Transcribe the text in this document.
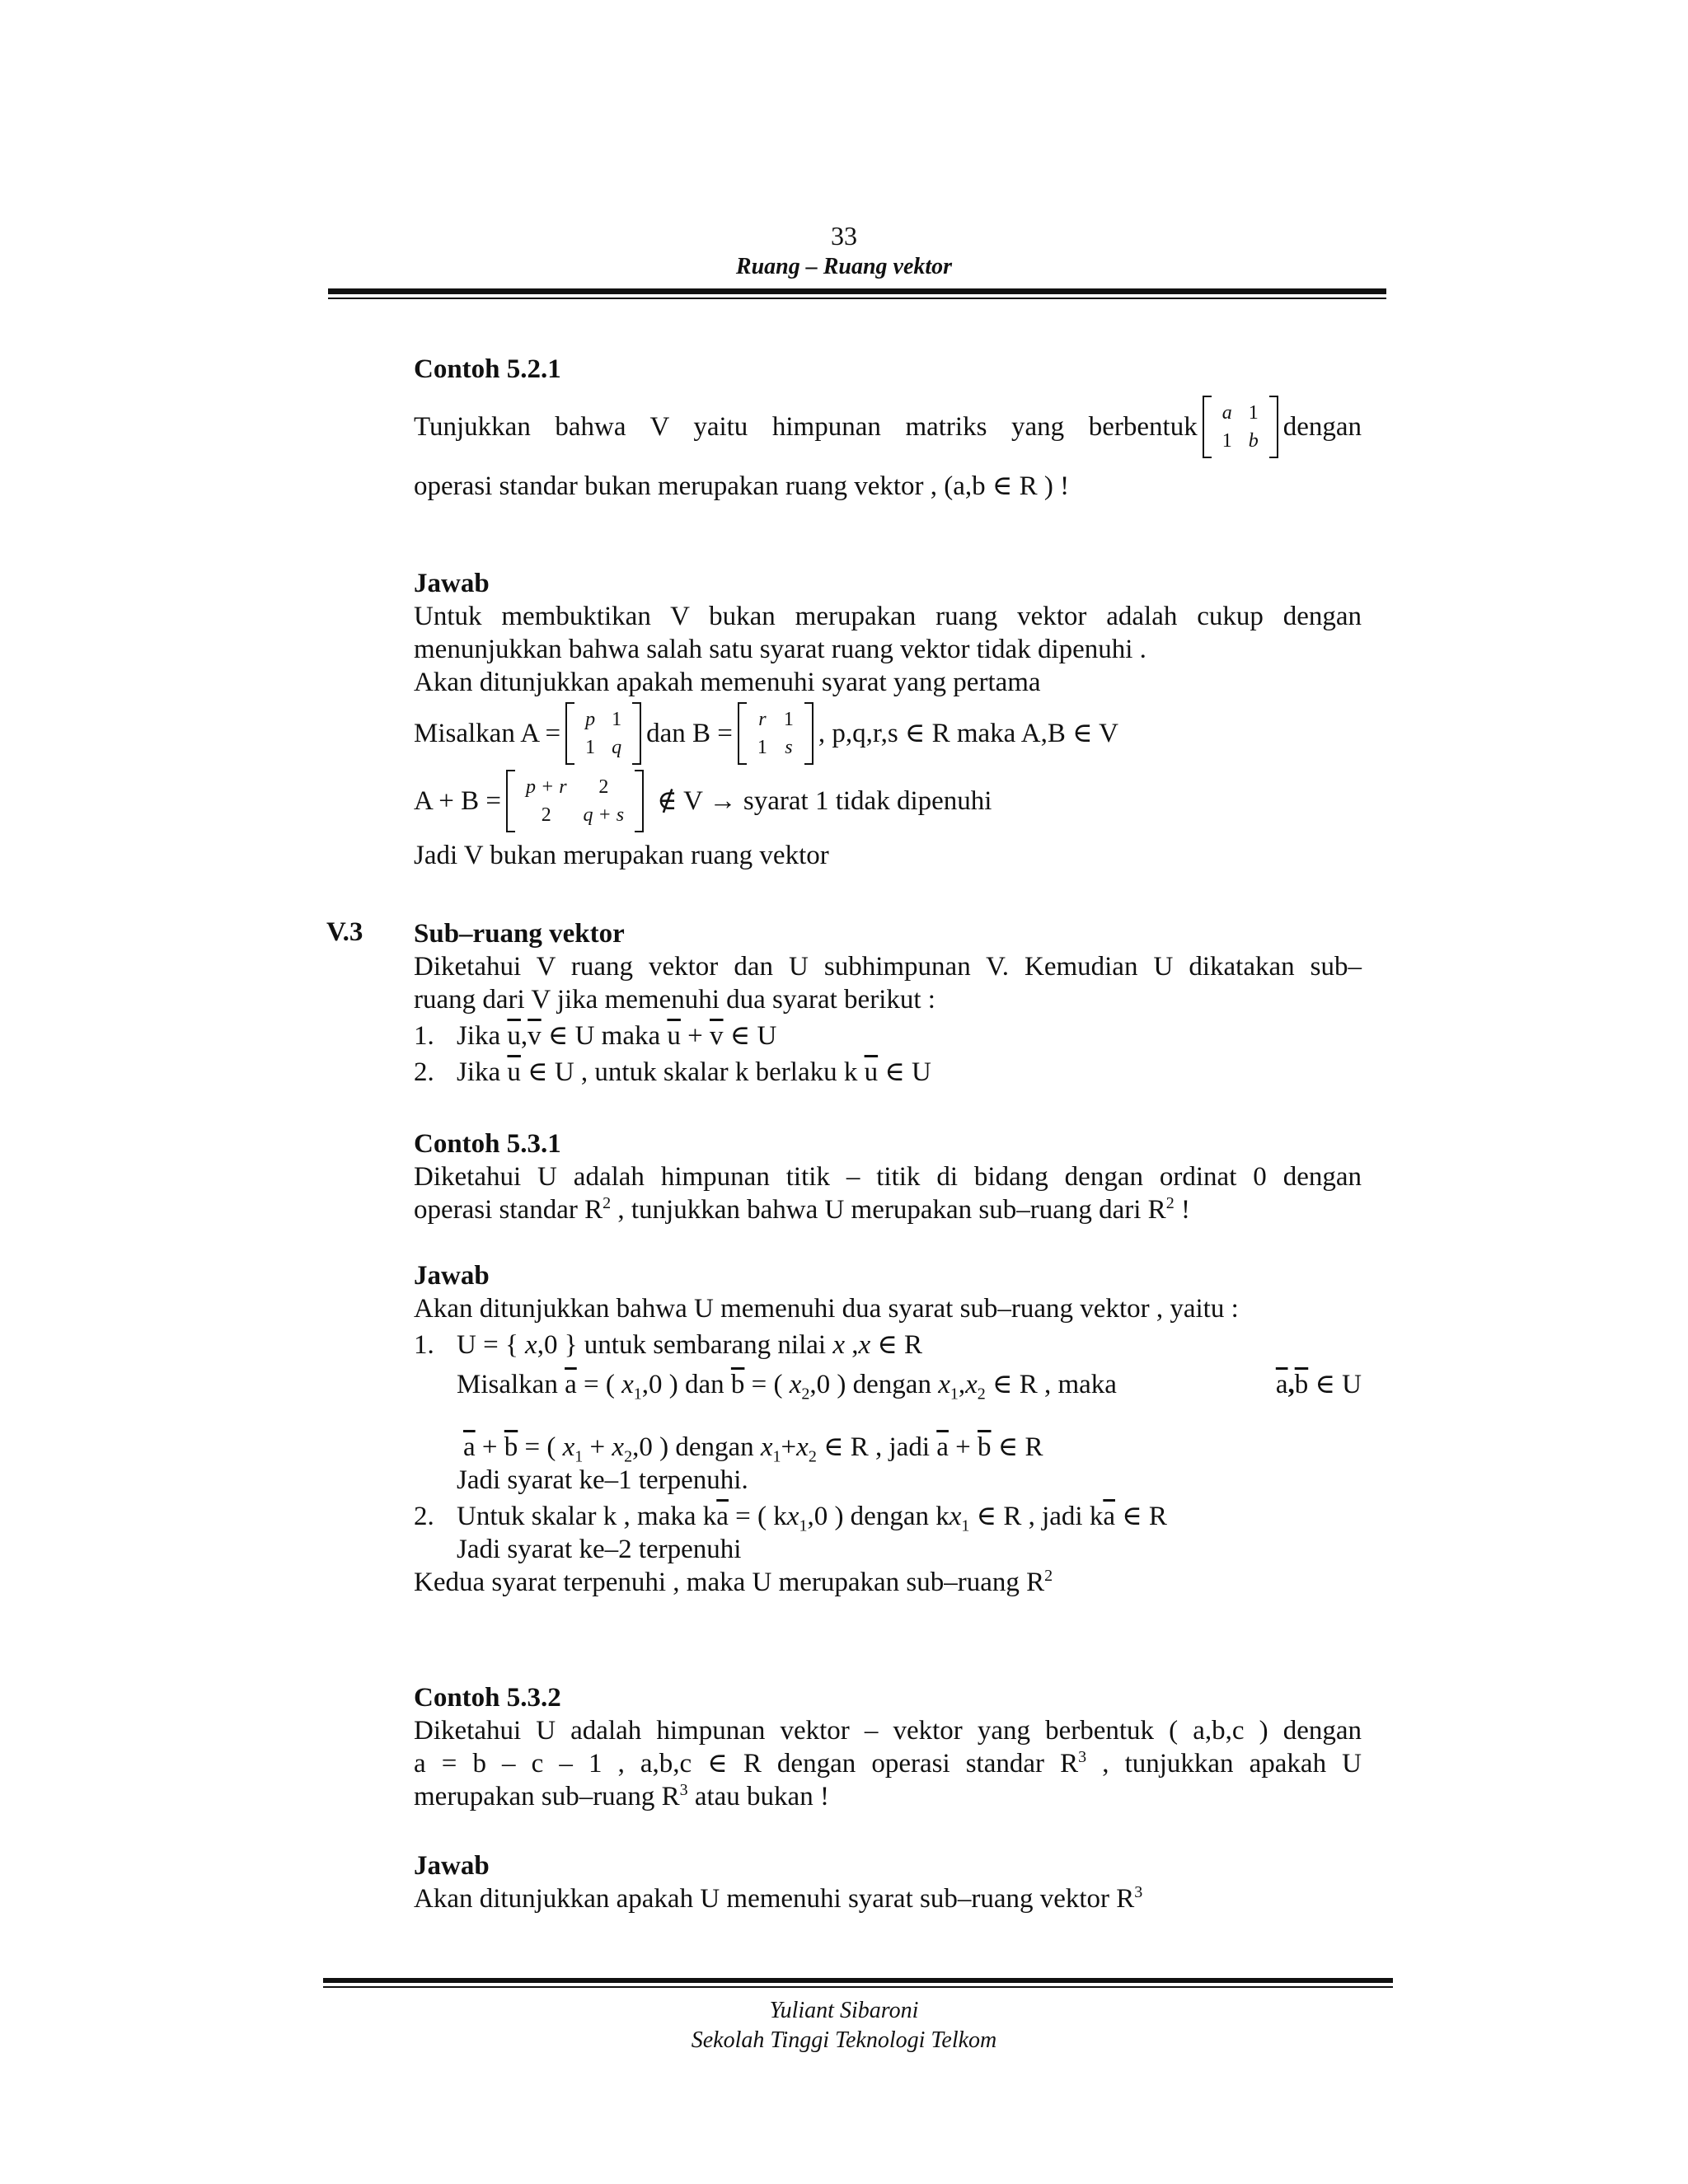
33
Ruang – Ruang vektor

Contoh 5.2.1

Tunjukkan bahwa V yaitu himpunan matriks yang berbentuk a	1
1	b dengan

operasi standar bukan merupakan ruang vektor , (a,b ∈ R ) !

Jawab

Untuk membuktikan V bukan merupakan ruang vektor adalah cukup dengan

menunjukkan bahwa salah satu syarat ruang vektor tidak dipenuhi .

Akan ditunjukkan apakah memenuhi syarat yang pertama

Misalkan A = p	1
1	q dan B = r	1
1	s , p,q,r,s ∈ R maka A,B ∈ V
A + B = p + r	2
2	q + s ∉ V → syarat 1 tidak dipenuhi

Jadi V bukan merupakan ruang vektor

V.3 Sub–ruang vektor

Diketahui V ruang vektor dan U subhimpunan V. Kemudian U dikatakan sub–

ruang dari V jika memenuhi dua syarat berikut :

1. Jika $\overline{u},\overline{v}$ ∈ U maka $\overline{u} + \overline{v}$ ∈ U
2. Jika $\overline{u}$ ∈ U , untuk skalar k berlaku k $\overline{u}$ ∈ U

Contoh 5.3.1

Diketahui U adalah himpunan titik – titik di bidang dengan ordinat 0 dengan

operasi standar $R^2$ , tunjukkan bahwa U merupakan sub–ruang dari $R^2$ !

Jawab

Akan ditunjukkan bahwa U memenuhi dua syarat sub–ruang vektor , yaitu :

1. U = { x,0 } untuk sembarang nilai x ,x ∈ R
Misalkan $\overline{a}$ = ( $x_1,0$ ) dan $\overline{b}$ = ( $x_2,0$ ) dengan $x_1,x_2$ ∈ R , maka	$\overline{a},\overline{b}$ ∈ U
$\overline{a} + \overline{b}$ = ( $x_1 + x_2,0$ ) dengan $x_1+x_2$ ∈ R , jadi $\overline{a} + \overline{b}$ ∈ R

Jadi syarat ke–1 terpenuhi.

2. Untuk skalar k , maka $k\overline{a}$ = ( $kx_1,0$ ) dengan $kx_1$ ∈ R , jadi $k\overline{a}$ ∈ R

Jadi syarat ke–2 terpenuhi

Kedua syarat terpenuhi , maka U merupakan sub–ruang $R^2$

Contoh 5.3.2

Diketahui U adalah himpunan vektor – vektor yang berbentuk ( a,b,c ) dengan

a = b – c – 1 , a,b,c ∈ R dengan operasi standar $R^3$ , tunjukkan apakah U

merupakan sub–ruang $R^3$ atau bukan !

Jawab

Akan ditunjukkan apakah U memenuhi syarat sub–ruang vektor $R^3$

Yuliant Sibaroni
Sekolah Tinggi Teknologi Telkom
